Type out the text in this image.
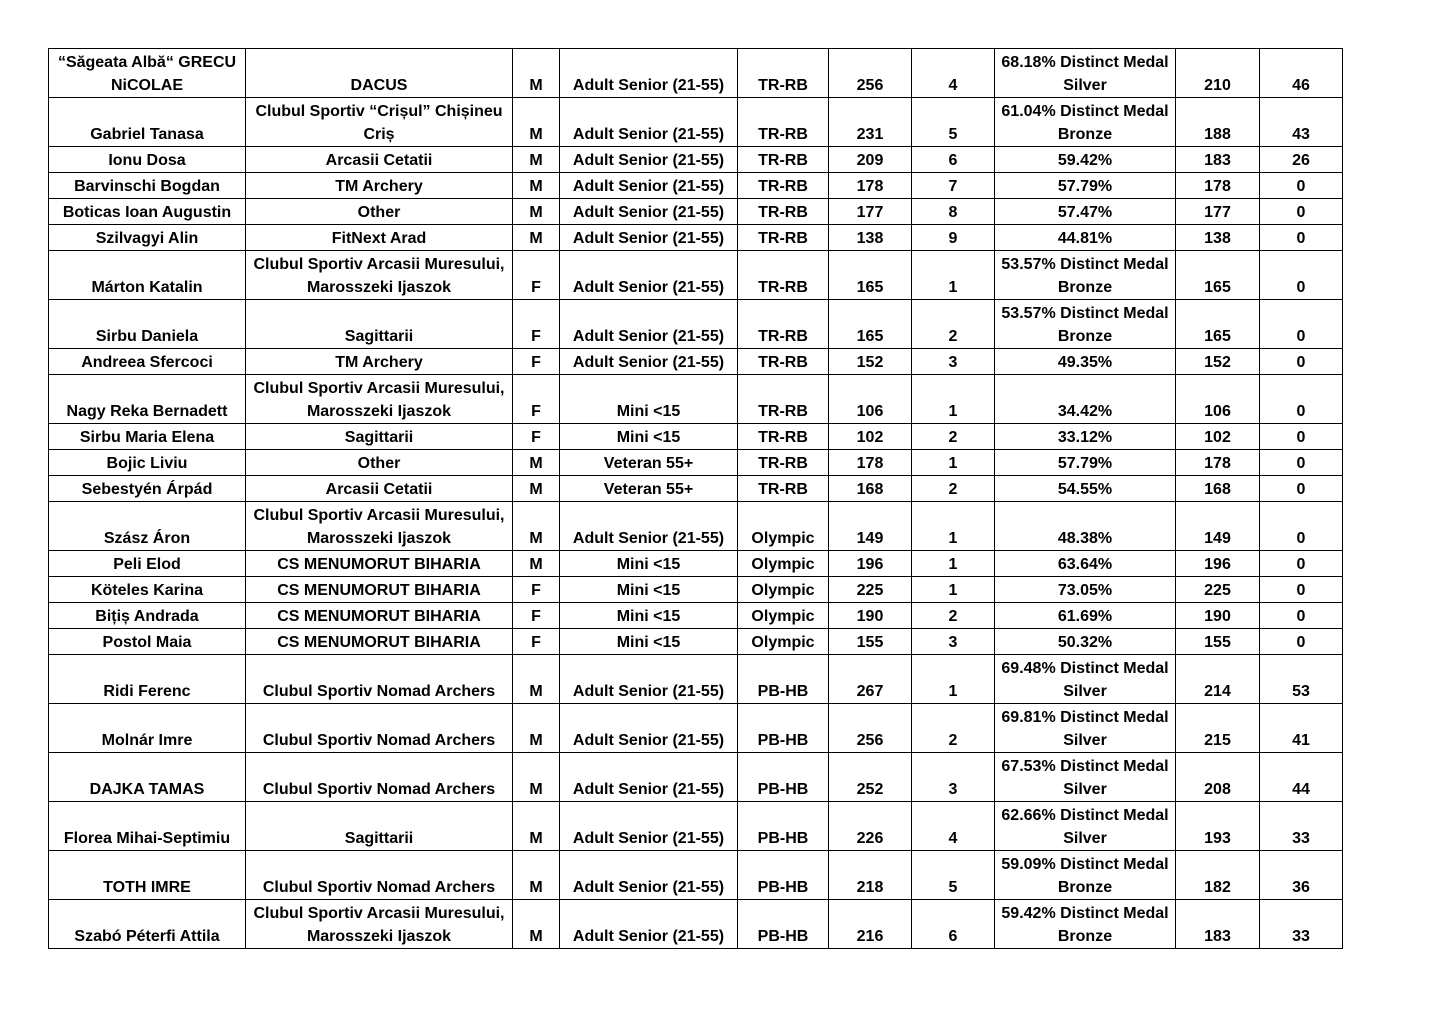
“Săgeata Albă“ GRECU
NiCOLAE	DACUS	M	Adult Senior (21-55)	TR-RB	256	4	68.18% Distinct Medal
Silver	210	46

Gabriel Tanasa	Clubul Sportiv “Crișul” Chișineu
Criș	M	Adult Senior (21-55)	TR-RB	231	5	61.04% Distinct Medal
Bronze	188	43

Ionu Dosa	Arcasii Cetatii	M	Adult Senior (21-55)	TR-RB	209	6	59.42%	183	26

Barvinschi Bogdan	TM Archery	M	Adult Senior (21-55)	TR-RB	178	7	57.79%	178	0

Boticas Ioan Augustin	Other	M	Adult Senior (21-55)	TR-RB	177	8	57.47%	177	0

Szilvagyi Alin	FitNext Arad	M	Adult Senior (21-55)	TR-RB	138	9	44.81%	138	0

Márton Katalin	Clubul Sportiv Arcasii Muresului,
Marosszeki Ijaszok	F	Adult Senior (21-55)	TR-RB	165	1	53.57% Distinct Medal
Bronze	165	0

Sirbu Daniela	Sagittarii	F	Adult Senior (21-55)	TR-RB	165	2	53.57% Distinct Medal
Bronze	165	0

Andreea Sfercoci	TM Archery	F	Adult Senior (21-55)	TR-RB	152	3	49.35%	152	0

Nagy Reka Bernadett	Clubul Sportiv Arcasii Muresului,
Marosszeki Ijaszok	F	Mini <15	TR-RB	106	1	34.42%	106	0

Sirbu Maria Elena	Sagittarii	F	Mini <15	TR-RB	102	2	33.12%	102	0

Bojic Liviu	Other	M	Veteran 55+	TR-RB	178	1	57.79%	178	0

Sebestyén Árpád	Arcasii Cetatii	M	Veteran 55+	TR-RB	168	2	54.55%	168	0

Szász Áron	Clubul Sportiv Arcasii Muresului,
Marosszeki Ijaszok	M	Adult Senior (21-55)	Olympic	149	1	48.38%	149	0

Peli Elod	CS MENUMORUT BIHARIA	M	Mini <15	Olympic	196	1	63.64%	196	0

Köteles Karina	CS MENUMORUT BIHARIA	F	Mini <15	Olympic	225	1	73.05%	225	0

Bițiș Andrada	CS MENUMORUT BIHARIA	F	Mini <15	Olympic	190	2	61.69%	190	0

Postol Maia	CS MENUMORUT BIHARIA	F	Mini <15	Olympic	155	3	50.32%	155	0

Ridi Ferenc	Clubul Sportiv Nomad Archers	M	Adult Senior (21-55)	PB-HB	267	1	69.48% Distinct Medal
Silver	214	53

Molnár Imre	Clubul Sportiv Nomad Archers	M	Adult Senior (21-55)	PB-HB	256	2	69.81% Distinct Medal
Silver	215	41

DAJKA TAMAS	Clubul Sportiv Nomad Archers	M	Adult Senior (21-55)	PB-HB	252	3	67.53% Distinct Medal
Silver	208	44

Florea Mihai-Septimiu	Sagittarii	M	Adult Senior (21-55)	PB-HB	226	4	62.66% Distinct Medal
Silver	193	33

TOTH IMRE	Clubul Sportiv Nomad Archers	M	Adult Senior (21-55)	PB-HB	218	5	59.09% Distinct Medal
Bronze	182	36

Szabó Péterfi Attila	Clubul Sportiv Arcasii Muresului,
Marosszeki Ijaszok	M	Adult Senior (21-55)	PB-HB	216	6	59.42% Distinct Medal
Bronze	183	33
